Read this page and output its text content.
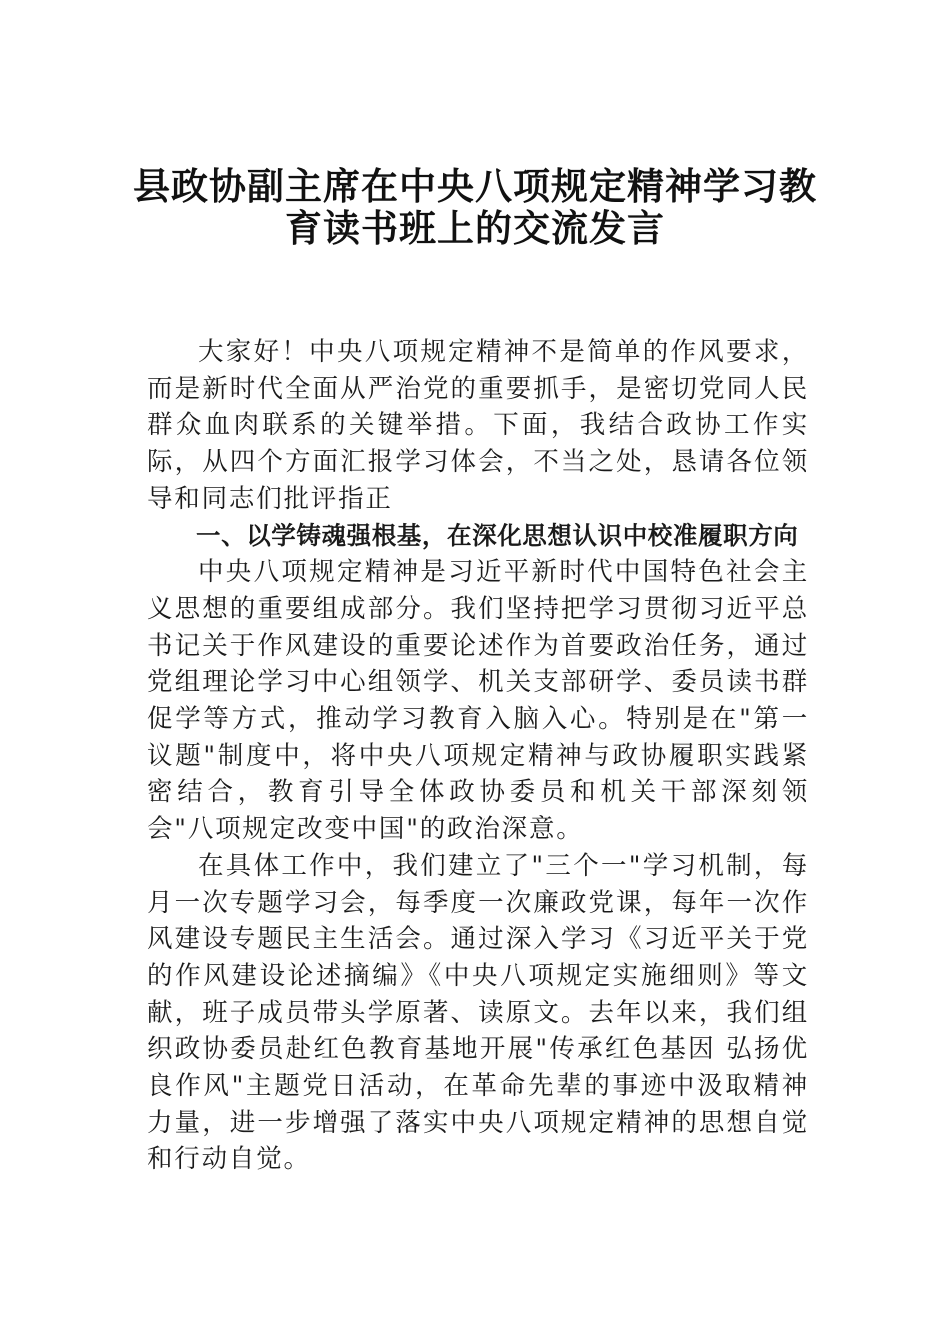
县政协副主席在中央八项规定精神学习教
育读书班上的交流发言

大家好！中央八项规定精神不是简单的作风要求，而是新时代全面从严治党的重要抓手，是密切党同人民群众血肉联系的关键举措。下面，我结合政协工作实际，从四个方面汇报学习体会，不当之处，恳请各位领导和同志们批评指正

一、以学铸魂强根基，在深化思想认识中校准履职方向

中央八项规定精神是习近平新时代中国特色社会主义思想的重要组成部分。我们坚持把学习贯彻习近平总书记关于作风建设的重要论述作为首要政治任务，通过党组理论学习中心组领学、机关支部研学、委员读书群促学等方式，推动学习教育入脑入心。特别是在"第一议题"制度中，将中央八项规定精神与政协履职实践紧密结合，教育引导全体政协委员和机关干部深刻领会"八项规定改变中国"的政治深意。

在具体工作中，我们建立了"三个一"学习机制，每月一次专题学习会，每季度一次廉政党课，每年一次作风建设专题民主生活会。通过深入学习《习近平关于党的作风建设论述摘编》《中央八项规定实施细则》等文献，班子成员带头学原著、读原文。去年以来，我们组织政协委员赴红色教育基地开展"传承红色基因 弘扬优良作风"主题党日活动，在革命先辈的事迹中汲取精神力量，进一步增强了落实中央八项规定精神的思想自觉和行动自觉。
